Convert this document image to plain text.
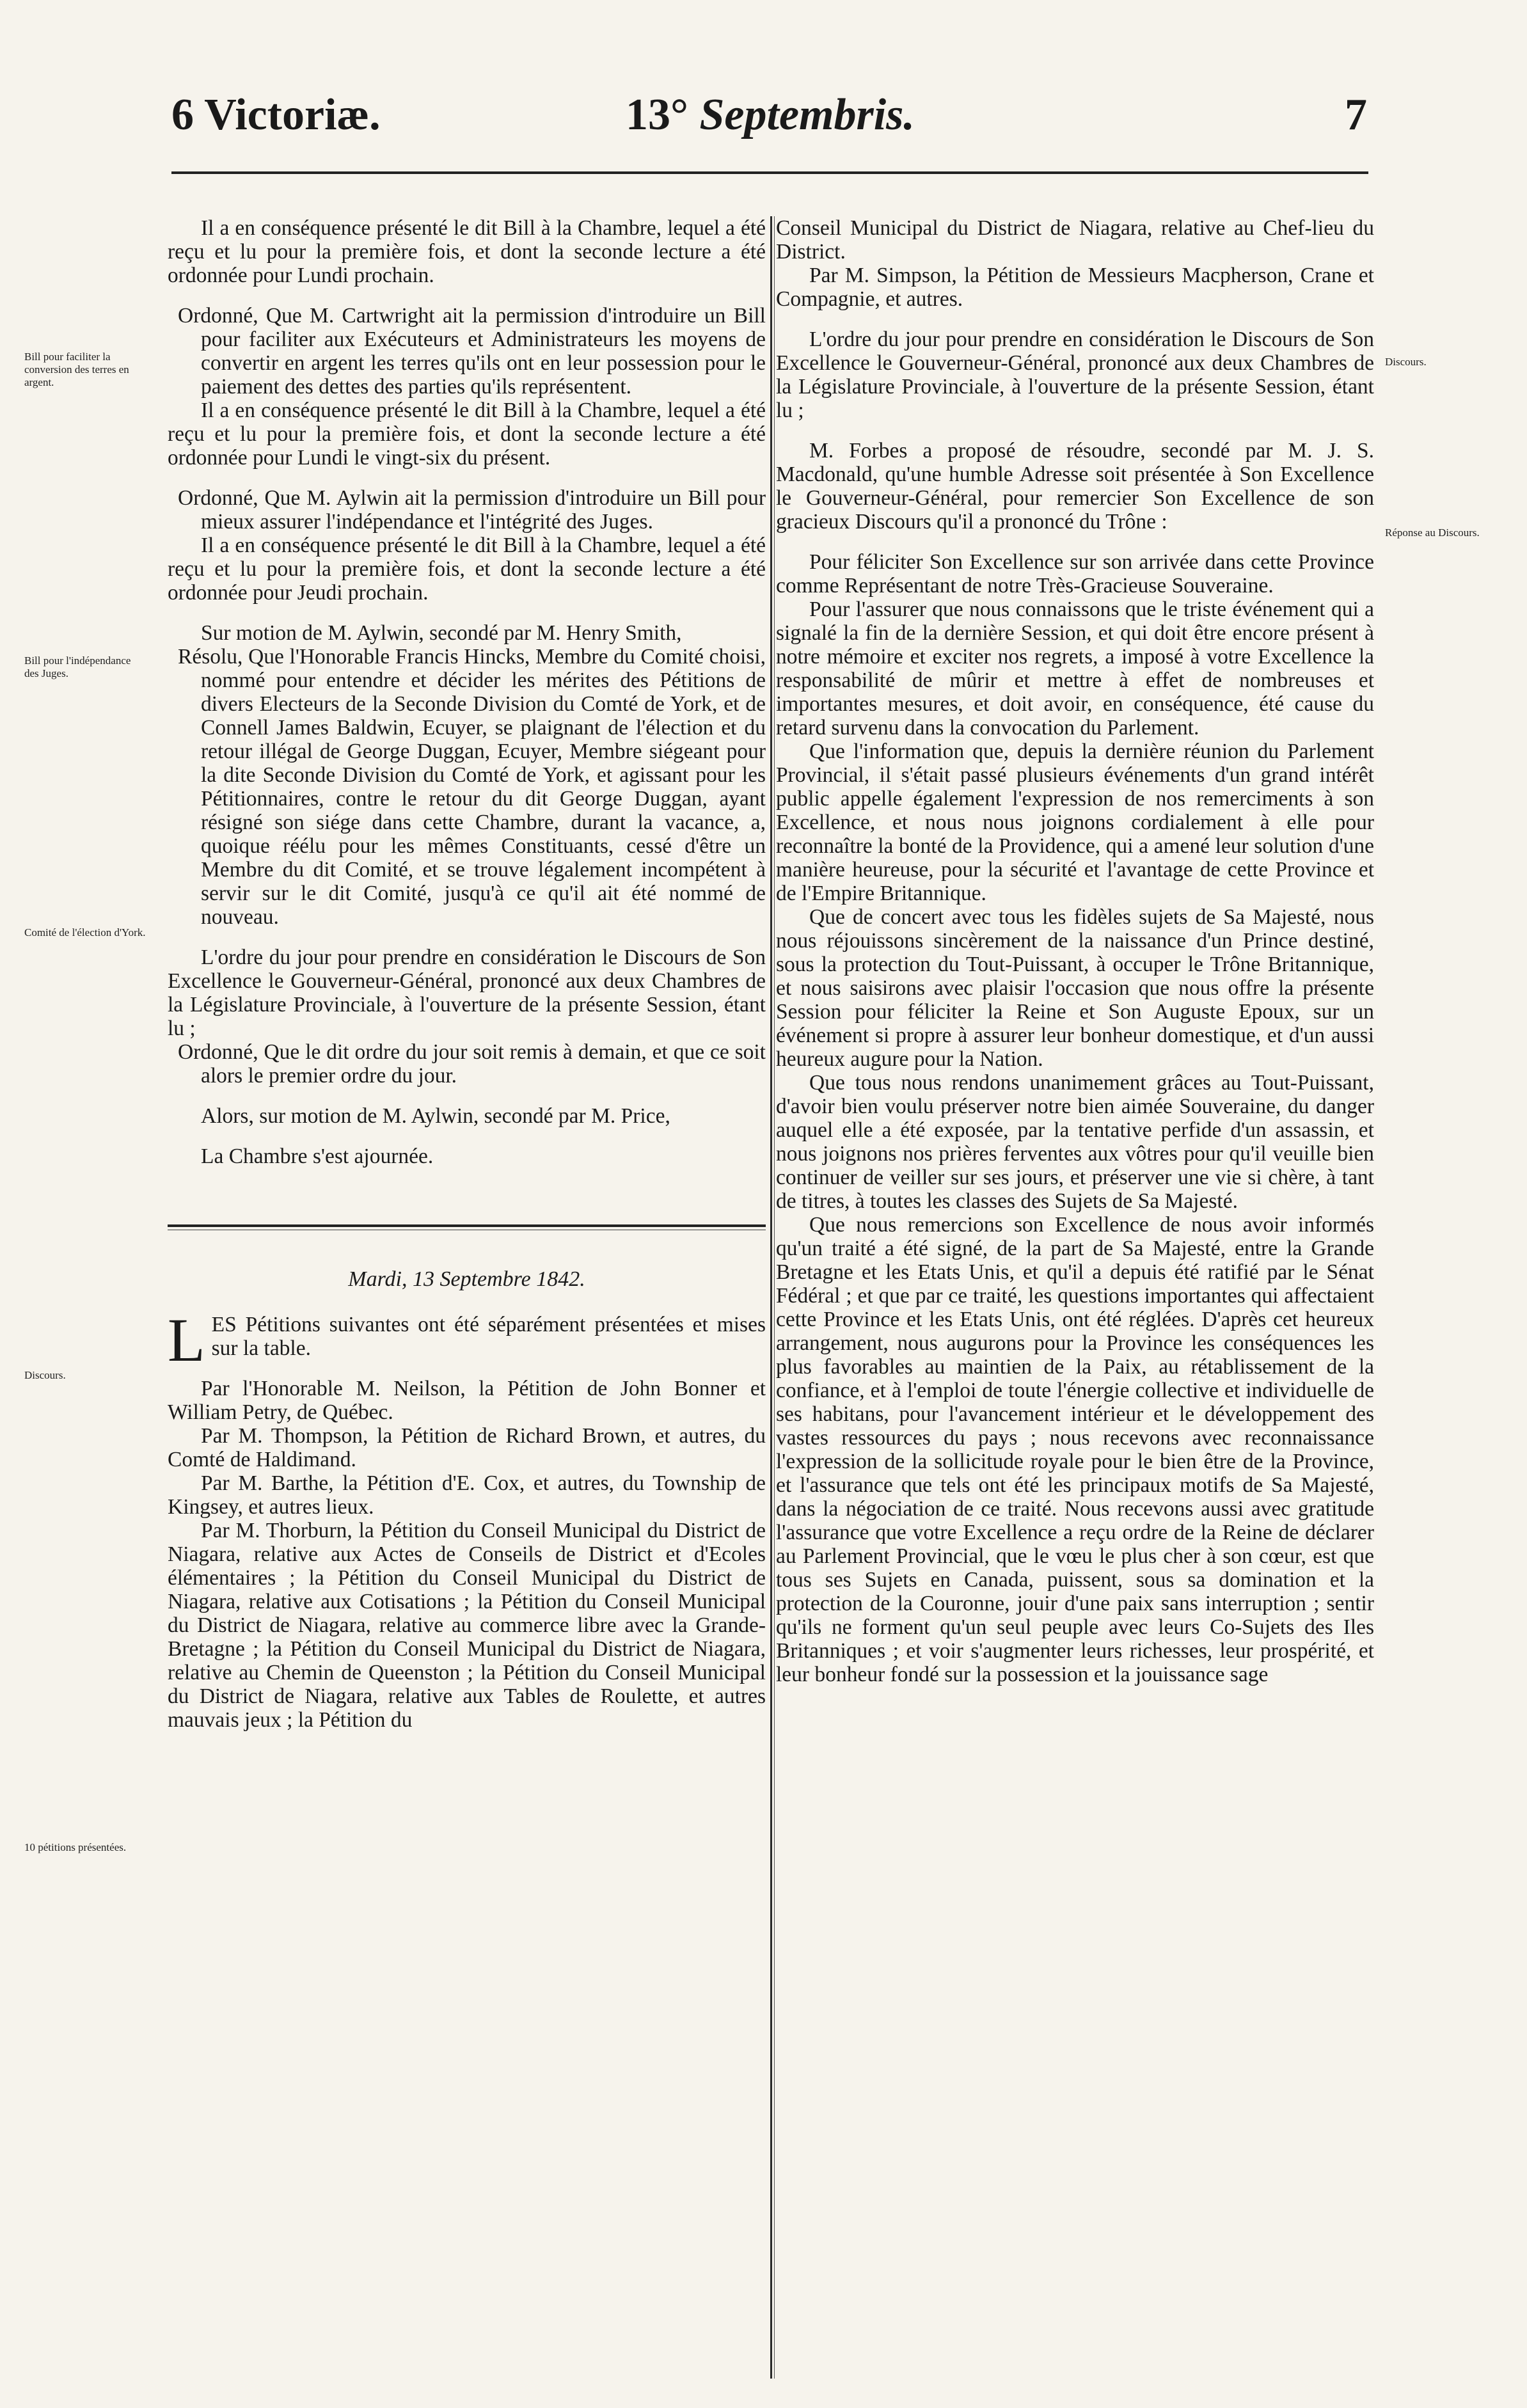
6 Victoriæ.	13° Septembris.	7
Bill pour faciliter la conversion des terres en argent.
Bill pour l'indépendance des Juges.
Comité de l'élection d'York.
Discours.
10 pétitions présentées.
Discours.
Réponse au Discours.

Il a en conséquence présenté le dit Bill à la Chambre, lequel a été reçu et lu pour la première fois, et dont la seconde lecture a été ordonnée pour Lundi prochain.

Ordonné, Que M. Cartwright ait la permission d'introduire un Bill pour faciliter aux Exécuteurs et Administrateurs les moyens de convertir en argent les terres qu'ils ont en leur possession pour le paiement des dettes des parties qu'ils représentent.

Il a en conséquence présenté le dit Bill à la Chambre, lequel a été reçu et lu pour la première fois, et dont la seconde lecture a été ordonnée pour Lundi le vingt-six du présent.

Ordonné, Que M. Aylwin ait la permission d'introduire un Bill pour mieux assurer l'indépendance et l'intégrité des Juges.

Il a en conséquence présenté le dit Bill à la Chambre, lequel a été reçu et lu pour la première fois, et dont la seconde lecture a été ordonnée pour Jeudi prochain.

Sur motion de M. Aylwin, secondé par M. Henry Smith,

Résolu, Que l'Honorable Francis Hincks, Membre du Comité choisi, nommé pour entendre et décider les mérites des Pétitions de divers Electeurs de la Seconde Division du Comté de York, et de Connell James Baldwin, Ecuyer, se plaignant de l'élection et du retour illégal de George Duggan, Ecuyer, Membre siégeant pour la dite Seconde Division du Comté de York, et agissant pour les Pétitionnaires, contre le retour du dit George Duggan, ayant résigné son siége dans cette Chambre, durant la vacance, a, quoique réélu pour les mêmes Constituants, cessé d'être un Membre du dit Comité, et se trouve légalement incompétent à servir sur le dit Comité, jusqu'à ce qu'il ait été nommé de nouveau.

L'ordre du jour pour prendre en considération le Discours de Son Excellence le Gouverneur-Général, prononcé aux deux Chambres de la Législature Provinciale, à l'ouverture de la présente Session, étant lu ;

Ordonné, Que le dit ordre du jour soit remis à demain, et que ce soit alors le premier ordre du jour.

Alors, sur motion de M. Aylwin, secondé par M. Price,

La Chambre s'est ajournée.

Mardi, 13 Septembre 1842.

L ES Pétitions suivantes ont été séparément présentées et mises sur la table.

Par l'Honorable M. Neilson, la Pétition de John Bonner et William Petry, de Québec.

Par M. Thompson, la Pétition de Richard Brown, et autres, du Comté de Haldimand.

Par M. Barthe, la Pétition d'E. Cox, et autres, du Township de Kingsey, et autres lieux.

Par M. Thorburn, la Pétition du Conseil Municipal du District de Niagara, relative aux Actes de Conseils de District et d'Ecoles élémentaires ; la Pétition du Conseil Municipal du District de Niagara, relative aux Cotisations ; la Pétition du Conseil Municipal du District de Niagara, relative au commerce libre avec la Grande-Bretagne ; la Pétition du Conseil Municipal du District de Niagara, relative au Chemin de Queenston ; la Pétition du Conseil Municipal du District de Niagara, relative aux Tables de Roulette, et autres mauvais jeux ; la Pétition du

Conseil Municipal du District de Niagara, relative au Chef-lieu du District.

Par M. Simpson, la Pétition de Messieurs Macpherson, Crane et Compagnie, et autres.

L'ordre du jour pour prendre en considération le Discours de Son Excellence le Gouverneur-Général, prononcé aux deux Chambres de la Législature Provinciale, à l'ouverture de la présente Session, étant lu ;

M. Forbes a proposé de résoudre, secondé par M. J. S. Macdonald, qu'une humble Adresse soit présentée à Son Excellence le Gouverneur-Général, pour remercier Son Excellence de son gracieux Discours qu'il a prononcé du Trône :

Pour féliciter Son Excellence sur son arrivée dans cette Province comme Représentant de notre Très-Gracieuse Souveraine.

Pour l'assurer que nous connaissons que le triste événement qui a signalé la fin de la dernière Session, et qui doit être encore présent à notre mémoire et exciter nos regrets, a imposé à votre Excellence la responsabilité de mûrir et mettre à effet de nombreuses et importantes mesures, et doit avoir, en conséquence, été cause du retard survenu dans la convocation du Parlement.

Que l'information que, depuis la dernière réunion du Parlement Provincial, il s'était passé plusieurs événements d'un grand intérêt public appelle également l'expression de nos remerciments à son Excellence, et nous nous joignons cordialement à elle pour reconnaître la bonté de la Providence, qui a amené leur solution d'une manière heureuse, pour la sécurité et l'avantage de cette Province et de l'Empire Britannique.

Que de concert avec tous les fidèles sujets de Sa Majesté, nous nous réjouissons sincèrement de la naissance d'un Prince destiné, sous la protection du Tout-Puissant, à occuper le Trône Britannique, et nous saisirons avec plaisir l'occasion que nous offre la présente Session pour féliciter la Reine et Son Auguste Epoux, sur un événement si propre à assurer leur bonheur domestique, et d'un aussi heureux augure pour la Nation.

Que tous nous rendons unanimement grâces au Tout-Puissant, d'avoir bien voulu préserver notre bien aimée Souveraine, du danger auquel elle a été exposée, par la tentative perfide d'un assassin, et nous joignons nos prières ferventes aux vôtres pour qu'il veuille bien continuer de veiller sur ses jours, et préserver une vie si chère, à tant de titres, à toutes les classes des Sujets de Sa Majesté.

Que nous remercions son Excellence de nous avoir informés qu'un traité a été signé, de la part de Sa Majesté, entre la Grande Bretagne et les Etats Unis, et qu'il a depuis été ratifié par le Sénat Fédéral ; et que par ce traité, les questions importantes qui affectaient cette Province et les Etats Unis, ont été réglées. D'après cet heureux arrangement, nous augurons pour la Province les conséquences les plus favorables au maintien de la Paix, au rétablissement de la confiance, et à l'emploi de toute l'énergie collective et individuelle de ses habitans, pour l'avancement intérieur et le développement des vastes ressources du pays ; nous recevons avec reconnaissance l'expression de la sollicitude royale pour le bien être de la Province, et l'assurance que tels ont été les principaux motifs de Sa Majesté, dans la négociation de ce traité. Nous recevons aussi avec gratitude l'assurance que votre Excellence a reçu ordre de la Reine de déclarer au Parlement Provincial, que le vœu le plus cher à son cœur, est que tous ses Sujets en Canada, puissent, sous sa domination et la protection de la Couronne, jouir d'une paix sans interruption ; sentir qu'ils ne forment qu'un seul peuple avec leurs Co-Sujets des Iles Britanniques ; et voir s'augmenter leurs richesses, leur prospérité, et leur bonheur fondé sur la possession et la jouissance sage
